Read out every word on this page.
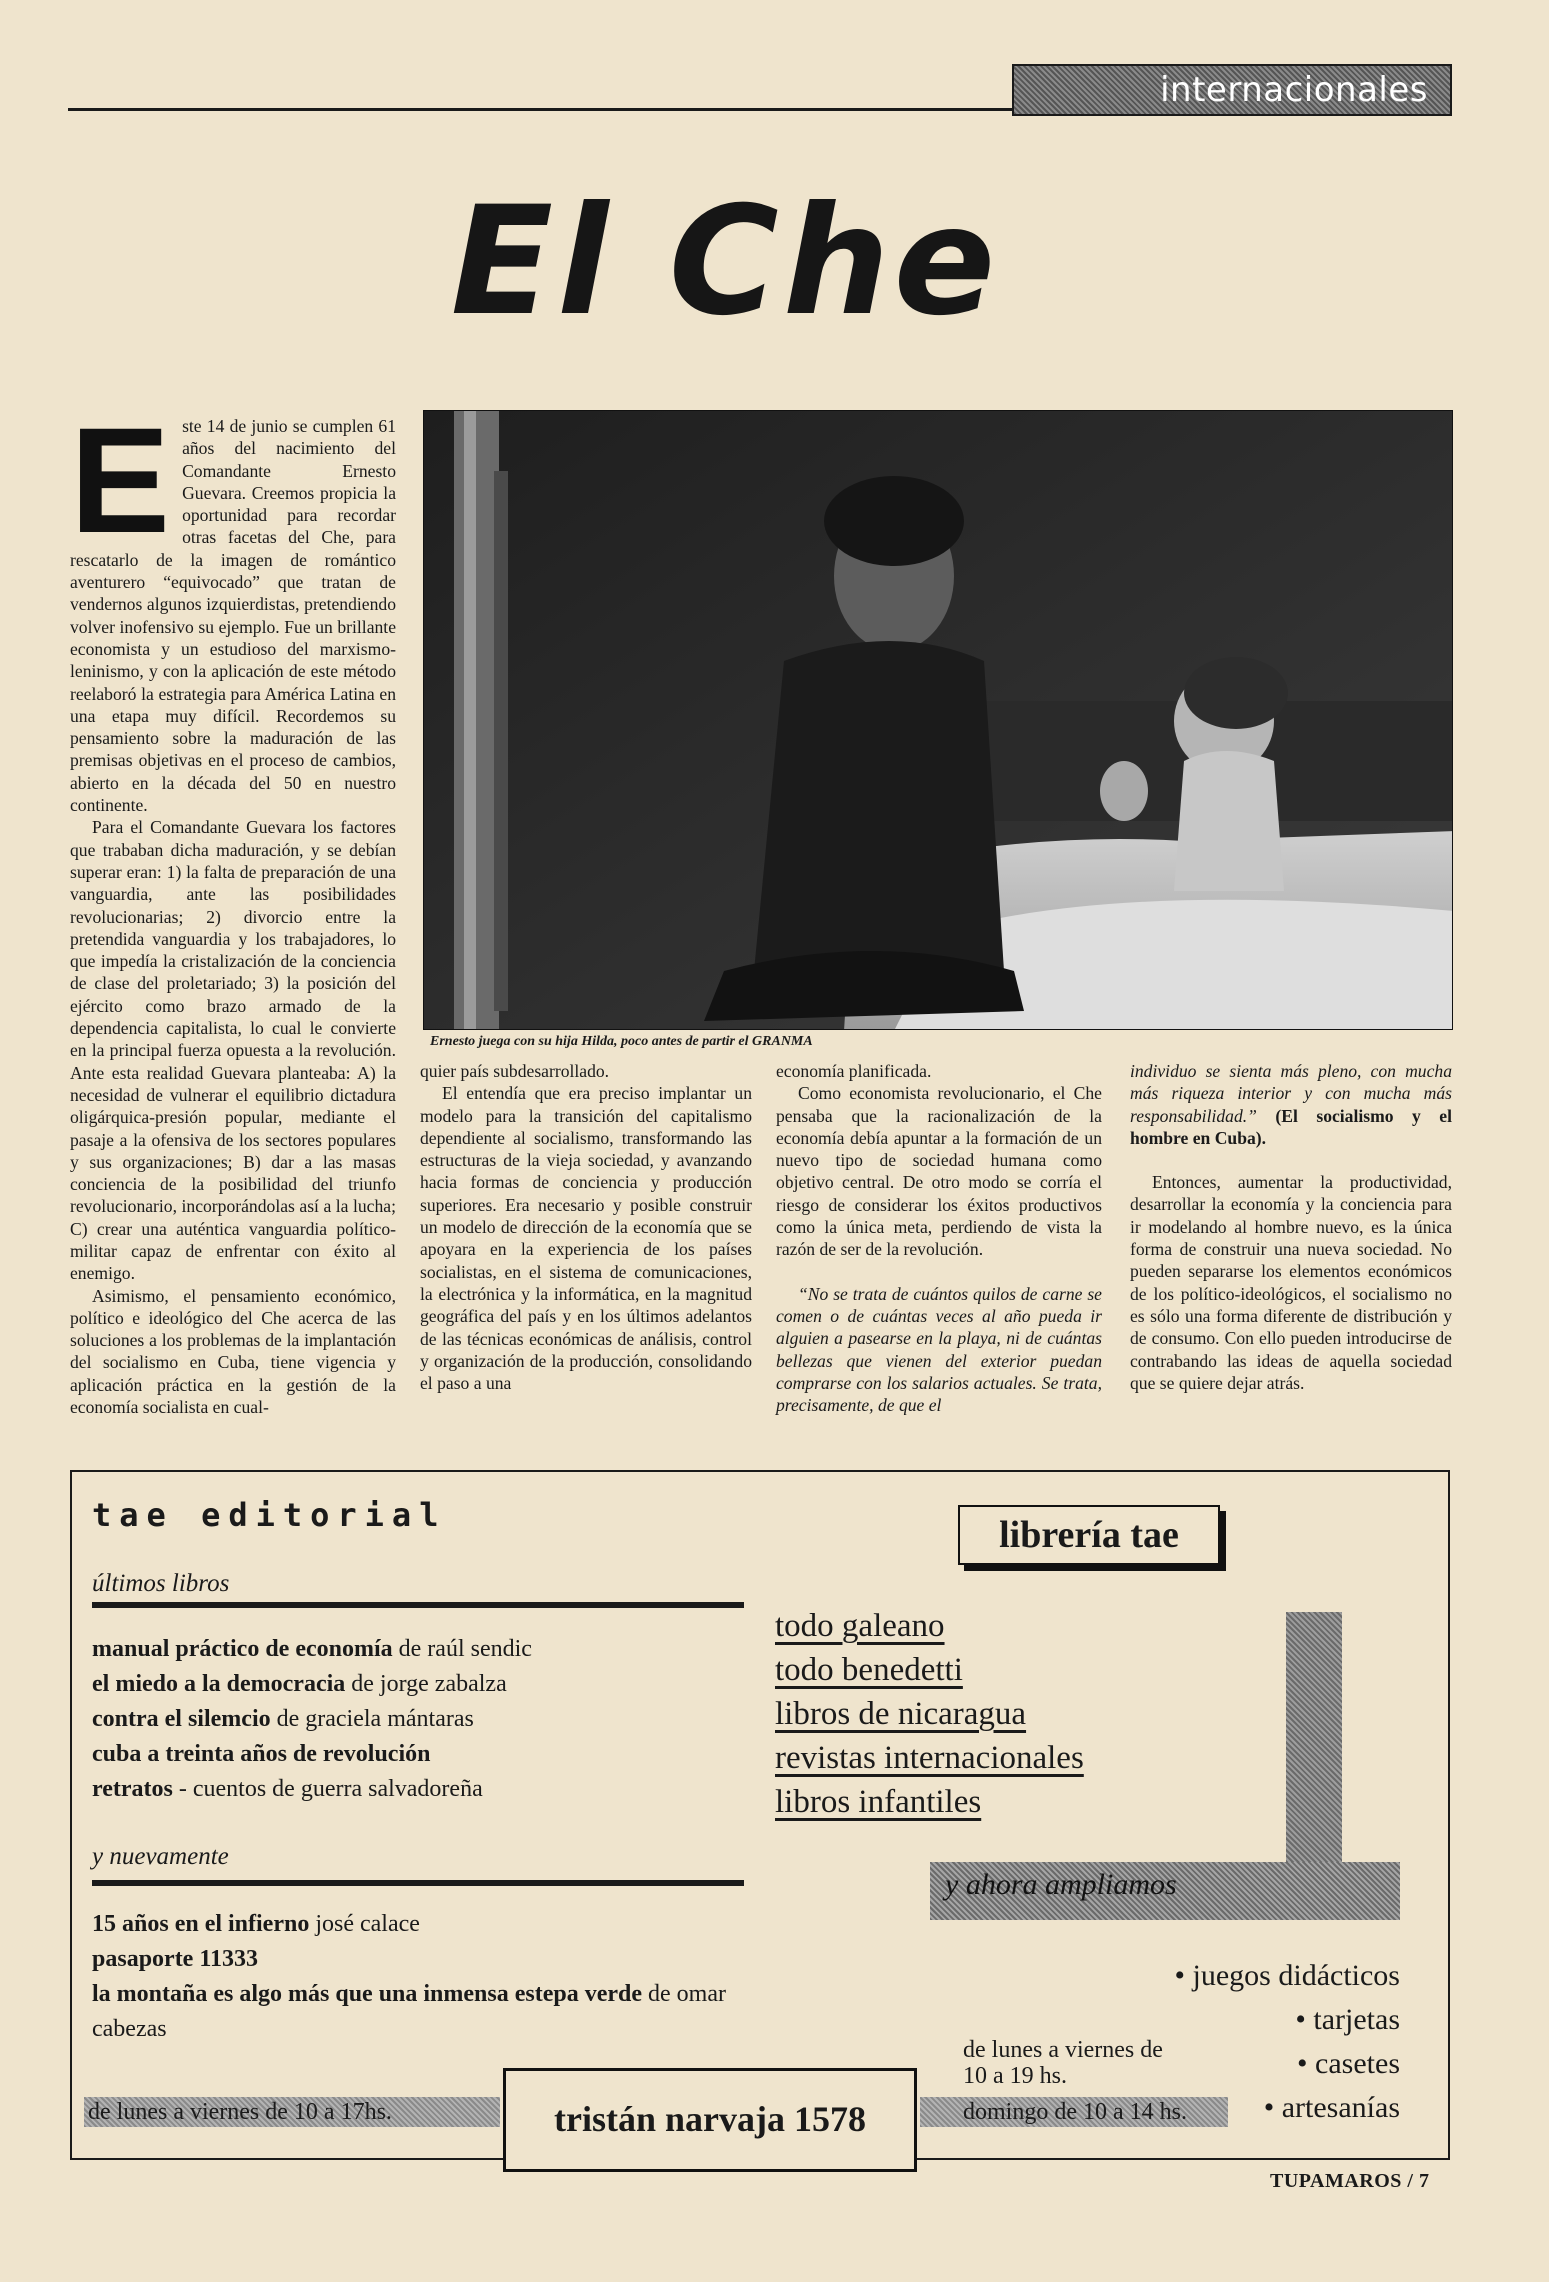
internacionales
El Che
E ste 14 de junio se cumplen 61 años del nacimiento del Comandante Ernesto Guevara. Creemos propicia la oportunidad para recordar otras facetas del Che, para rescatarlo de la imagen de romántico aventurero “equivocado” que tratan de vendernos algunos izquierdistas, pretendiendo volver inofensivo su ejemplo. Fue un brillante economista y un estudioso del marxismo-leninismo, y con la aplicación de este método reelaboró la estrategia para América Latina en una etapa muy difícil. Recordemos su pensamiento sobre la maduración de las premisas objetivas en el proceso de cambios, abierto en la década del 50 en nuestro continente.

Para el Comandante Guevara los factores que trababan dicha maduración, y se debían superar eran: 1) la falta de preparación de una vanguardia, ante las posibilidades revolucionarias; 2) divorcio entre la pretendida vanguardia y los trabajadores, lo que impedía la cristalización de la conciencia de clase del proletariado; 3) la posición del ejército como brazo armado de la dependencia capitalista, lo cual le convierte en la principal fuerza opuesta a la revolución. Ante esta realidad Guevara planteaba: A) la necesidad de vulnerar el equilibrio dictadura oligárquica-presión popular, mediante el pasaje a la ofensiva de los sectores populares y sus organizaciones; B) dar a las masas conciencia de la posibilidad del triunfo revolucionario, incorporándolas así a la lucha; C) crear una auténtica vanguardia político-militar capaz de enfrentar con éxito al enemigo.

Asimismo, el pensamiento económico, político e ideológico del Che acerca de las soluciones a los problemas de la implantación del socialismo en Cuba, tiene vigencia y aplicación práctica en la gestión de la economía socialista en cual-

Ernesto juega con su hija Hilda, poco antes de partir el GRANMA

quier país subdesarrollado.

El entendía que era preciso implantar un modelo para la transición del capitalismo dependiente al socialismo, transformando las estructuras de la vieja sociedad, y avanzando hacia formas de conciencia y producción superiores. Era necesario y posible construir un modelo de dirección de la economía que se apoyara en la experiencia de los países socialistas, en el sistema de comunicaciones, la electrónica y la informática, en la magnitud geográfica del país y en los últimos adelantos de las técnicas económicas de análisis, control y organización de la producción, consolidando el paso a una

economía planificada.

Como economista revolucionario, el Che pensaba que la racionalización de la economía debía apuntar a la formación de un nuevo tipo de sociedad humana como objetivo central. De otro modo se corría el riesgo de considerar los éxitos productivos como la única meta, perdiendo de vista la razón de ser de la revolución.

“No se trata de cuántos quilos de carne se comen o de cuántas veces al año pueda ir alguien a pasearse en la playa, ni de cuántas bellezas que vienen del exterior puedan comprarse con los salarios actuales. Se trata, precisamente, de que el

individuo se sienta más pleno, con mucha más riqueza interior y con mucha más responsabilidad.” (El socialismo y el hombre en Cuba).

Entonces, aumentar la productividad, desarrollar la economía y la conciencia para ir modelando al hombre nuevo, es la única forma de construir una nueva sociedad. No pueden separarse los elementos económicos de los político-ideológicos, el socialismo no es sólo una forma diferente de distribución y de consumo. Con ello pueden introducirse de contrabando las ideas de aquella sociedad que se quiere dejar atrás.

tae editorial
últimos libros
manual práctico de economía de raúl sendic
el miedo a la democracia de jorge zabalza
contra el silemcio de graciela mántaras
cuba a treinta años de revolución
retratos - cuentos de guerra salvadoreña
y nuevamente
15 años en el infierno josé calace
pasaporte 11333
la montaña es algo más que una inmensa estepa verde de omar cabezas
librería tae
todo galeano
todo benedetti
libros de nicaragua
revistas internacionales
libros infantiles
y ahora ampliamos
• juegos didácticos
• tarjetas
• casetes
• artesanías
de lunes a viernes de
10 a 19 hs.
de lunes a viernes de 10 a 17hs.	domingo de 10 a 14 hs.
tristán narvaja 1578
TUPAMAROS / 7
